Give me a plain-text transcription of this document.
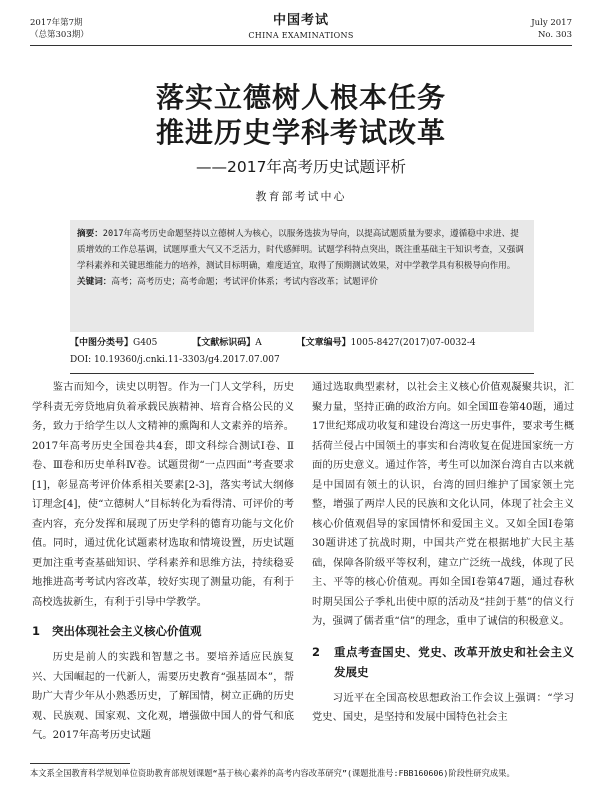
2017年第7期
（总第303期）
中国考试
CHINA EXAMINATIONS
July 2017
No. 303
落实立德树人根本任务
推进历史学科考试改革
——2017年高考历史试题评析
教育部考试中心
摘要：2017年高考历史命题坚持以立德树人为核心，以服务选拔为导向，以提高试题质量为要求，遵循稳中求进、提质增效的工作总基调，试题厚重大气又不乏活力，时代感鲜明。试题学科特点突出，既注重基础主干知识考查，又强调学科素养和关键思维能力的培养，测试目标明确，难度适宜，取得了预期测试效果，对中学教学具有积极导向作用。
关键词：高考；高考历史；高考命题；考试评价体系；考试内容改革；试题评价
【中图分类号】G405	【文献标识码】A	【文章编号】1005-8427(2017)07-0032-4
DOI: 10.19360/j.cnki.11-3303/g4.2017.07.007

鉴古而知今，读史以明智。作为一门人文学科，历史学科责无旁贷地肩负着承载民族精神、培育合格公民的义务，致力于给学生以人文精神的熏陶和人文素养的培养。2017年高考历史全国卷共4套，即文科综合测试Ⅰ卷、Ⅱ卷、Ⅲ卷和历史单科Ⅳ卷。试题贯彻“一点四面”考查要求[1]，彰显高考评价体系相关要素[2-3]，落实考试大纲修订理念[4]，使“立德树人”目标转化为看得清、可评价的考查内容，充分发挥和展现了历史学科的德育功能与文化价值。同时，通过优化试题素材选取和情境设置，历史试题更加注重考查基础知识、学科素养和思维方法，持续稳妥地推进高考考试内容改革，较好实现了测量功能，有利于高校选拔新生，有利于引导中学教学。

1 突出体现社会主义核心价值观

历史是前人的实践和智慧之书。要培养适应民族复兴、大国崛起的一代新人，需要历史教育“强基固本”，帮助广大青少年从小熟悉历史，了解国情，树立正确的历史观、民族观、国家观、文化观，增强做中国人的骨气和底气。2017年高考历史试题

通过选取典型素材，以社会主义核心价值观凝聚共识，汇聚力量，坚持正确的政治方向。如全国Ⅲ卷第40题，通过17世纪郑成功收复和建设台湾这一历史事件，要求考生概括荷兰侵占中国领土的事实和台湾收复在促进国家统一方面的历史意义。通过作答，考生可以加深台湾自古以来就是中国固有领土的认识，台湾的回归维护了国家领土完整，增强了两岸人民的民族和文化认同，体现了社会主义核心价值观倡导的家国情怀和爱国主义。又如全国Ⅰ卷第30题讲述了抗战时期，中国共产党在根据地扩大民主基础，保障各阶级平等权利，建立广泛统一战线，体现了民主、平等的核心价值观。再如全国Ⅰ卷第47题，通过春秋时期吴国公子季札出使中原的活动及“挂剑于墓”的信义行为，强调了儒者重“信”的理念，重申了诚信的积极意义。

2 重点考查国史、党史、改革开放史和社会主义发展史

习近平在全国高校思想政治工作会议上强调：“学习党史、国史，是坚持和发展中国特色社会主

本文系全国教育科学规划单位资助教育部规划课题“基于核心素养的高考内容改革研究”(课题批准号:FBB160606)阶段性研究成果。
